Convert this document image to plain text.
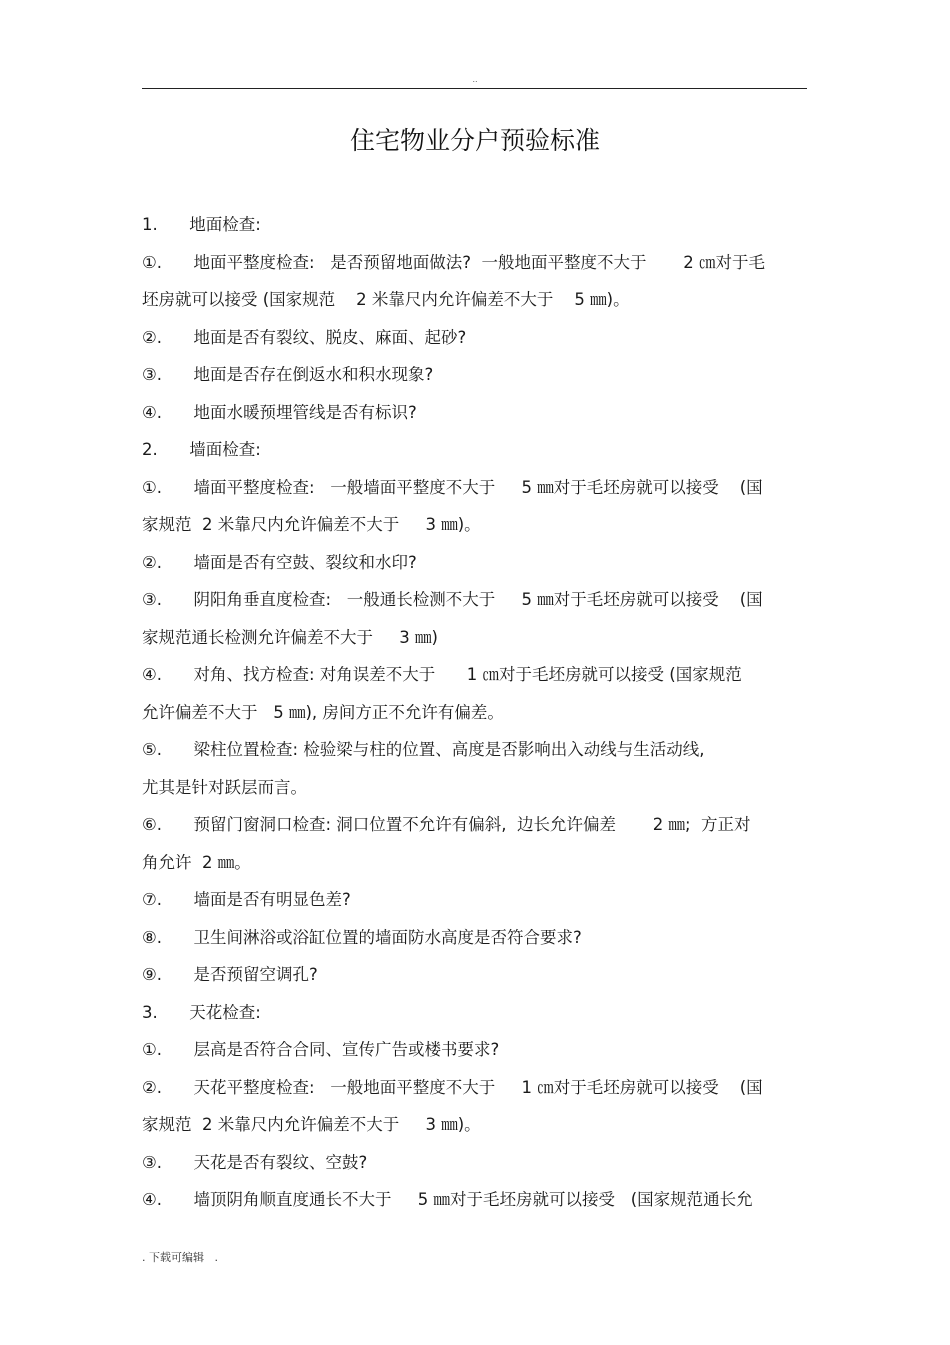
..
住宅物业分户预验标准
1.      地面检查:
①.      地面平整度检查:   是否预留地面做法?  一般地面平整度不大于       2 ㎝对于毛
坯房就可以接受 (国家规范    2 米靠尺内允许偏差不大于    5 ㎜)。
②.      地面是否有裂纹、脱皮、麻面、起砂?
③.      地面是否存在倒返水和积水现象?
④.      地面水暖预埋管线是否有标识?
2.      墙面检查:
①.      墙面平整度检查:   一般墙面平整度不大于     5 ㎜对于毛坯房就可以接受    (国
家规范  2 米靠尺内允许偏差不大于     3 ㎜)。
②.      墙面是否有空鼓、裂纹和水印?
③.      阴阳角垂直度检查:   一般通长检测不大于     5 ㎜对于毛坯房就可以接受    (国
家规范通长检测允许偏差不大于     3 ㎜)
④.      对角、找方检查: 对角误差不大于      1 ㎝对于毛坯房就可以接受 (国家规范
允许偏差不大于   5 ㎜), 房间方正不允许有偏差。
⑤.      梁柱位置检查: 检验梁与柱的位置、高度是否影响出入动线与生活动线,
尤其是针对跃层而言。
⑥.      预留门窗洞口检查: 洞口位置不允许有偏斜,  边长允许偏差       2 ㎜;  方正对
角允许  2 ㎜。
⑦.      墙面是否有明显色差?
⑧.      卫生间淋浴或浴缸位置的墙面防水高度是否符合要求?
⑨.      是否预留空调孔?
3.      天花检查:
①.      层高是否符合合同、宣传广告或楼书要求?
②.      天花平整度检查:   一般地面平整度不大于     1 ㎝对于毛坯房就可以接受    (国
家规范  2 米靠尺内允许偏差不大于     3 ㎜)。
③.      天花是否有裂纹、空鼓?
④.      墙顶阴角顺直度通长不大于     5 ㎜对于毛坯房就可以接受   (国家规范通长允
. 下载可编辑   .
